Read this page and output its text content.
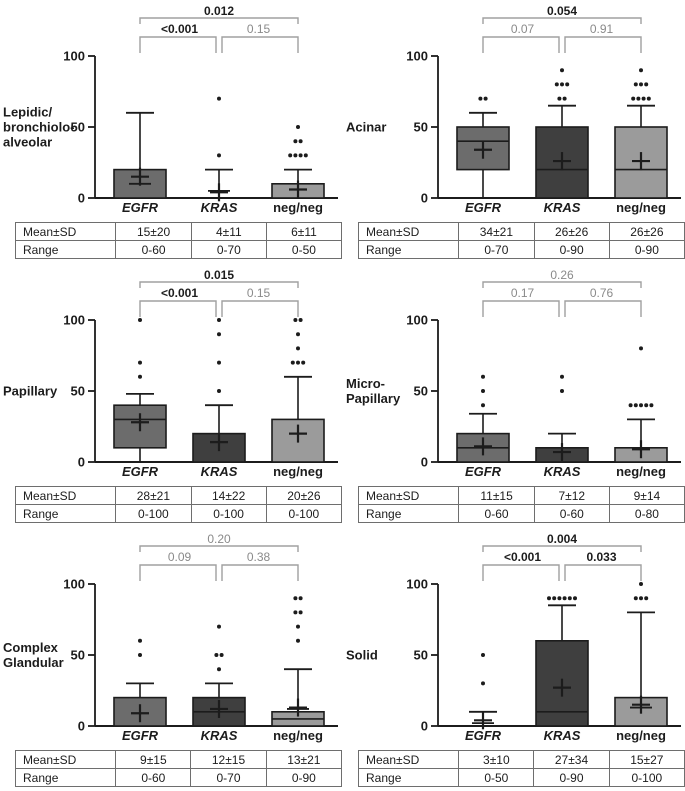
0.012
<0.001	0.15
0
50
100
EGFR	KRAS	neg/neg
Lepidic/
bronchiolo-
alveolar
Mean±SD	15±20	4±11	6±11
Range	0-60	0-70	0-50
0.054
0.07	0.91
0
50
100
EGFR	KRAS	neg/neg
Acinar
Mean±SD	34±21	26±26	26±26
Range	0-70	0-90	0-90
0.015
<0.001	0.15
0
50
100
EGFR	KRAS	neg/neg
Papillary
Mean±SD	28±21	14±22	20±26
Range	0-100	0-100	0-100
0.26
0.17	0.76
0
50
100
EGFR	KRAS	neg/neg
Micro-
Papillary
Mean±SD	11±15	7±12	9±14
Range	0-60	0-60	0-80
0.20
0.09	0.38
0
50
100
EGFR	KRAS	neg/neg
Complex
Glandular
Mean±SD	9±15	12±15	13±21
Range	0-60	0-70	0-90
0.004
<0.001	0.033
0
50
100
EGFR	KRAS	neg/neg
Solid
Mean±SD	3±10	27±34	15±27
Range	0-50	0-90	0-100
